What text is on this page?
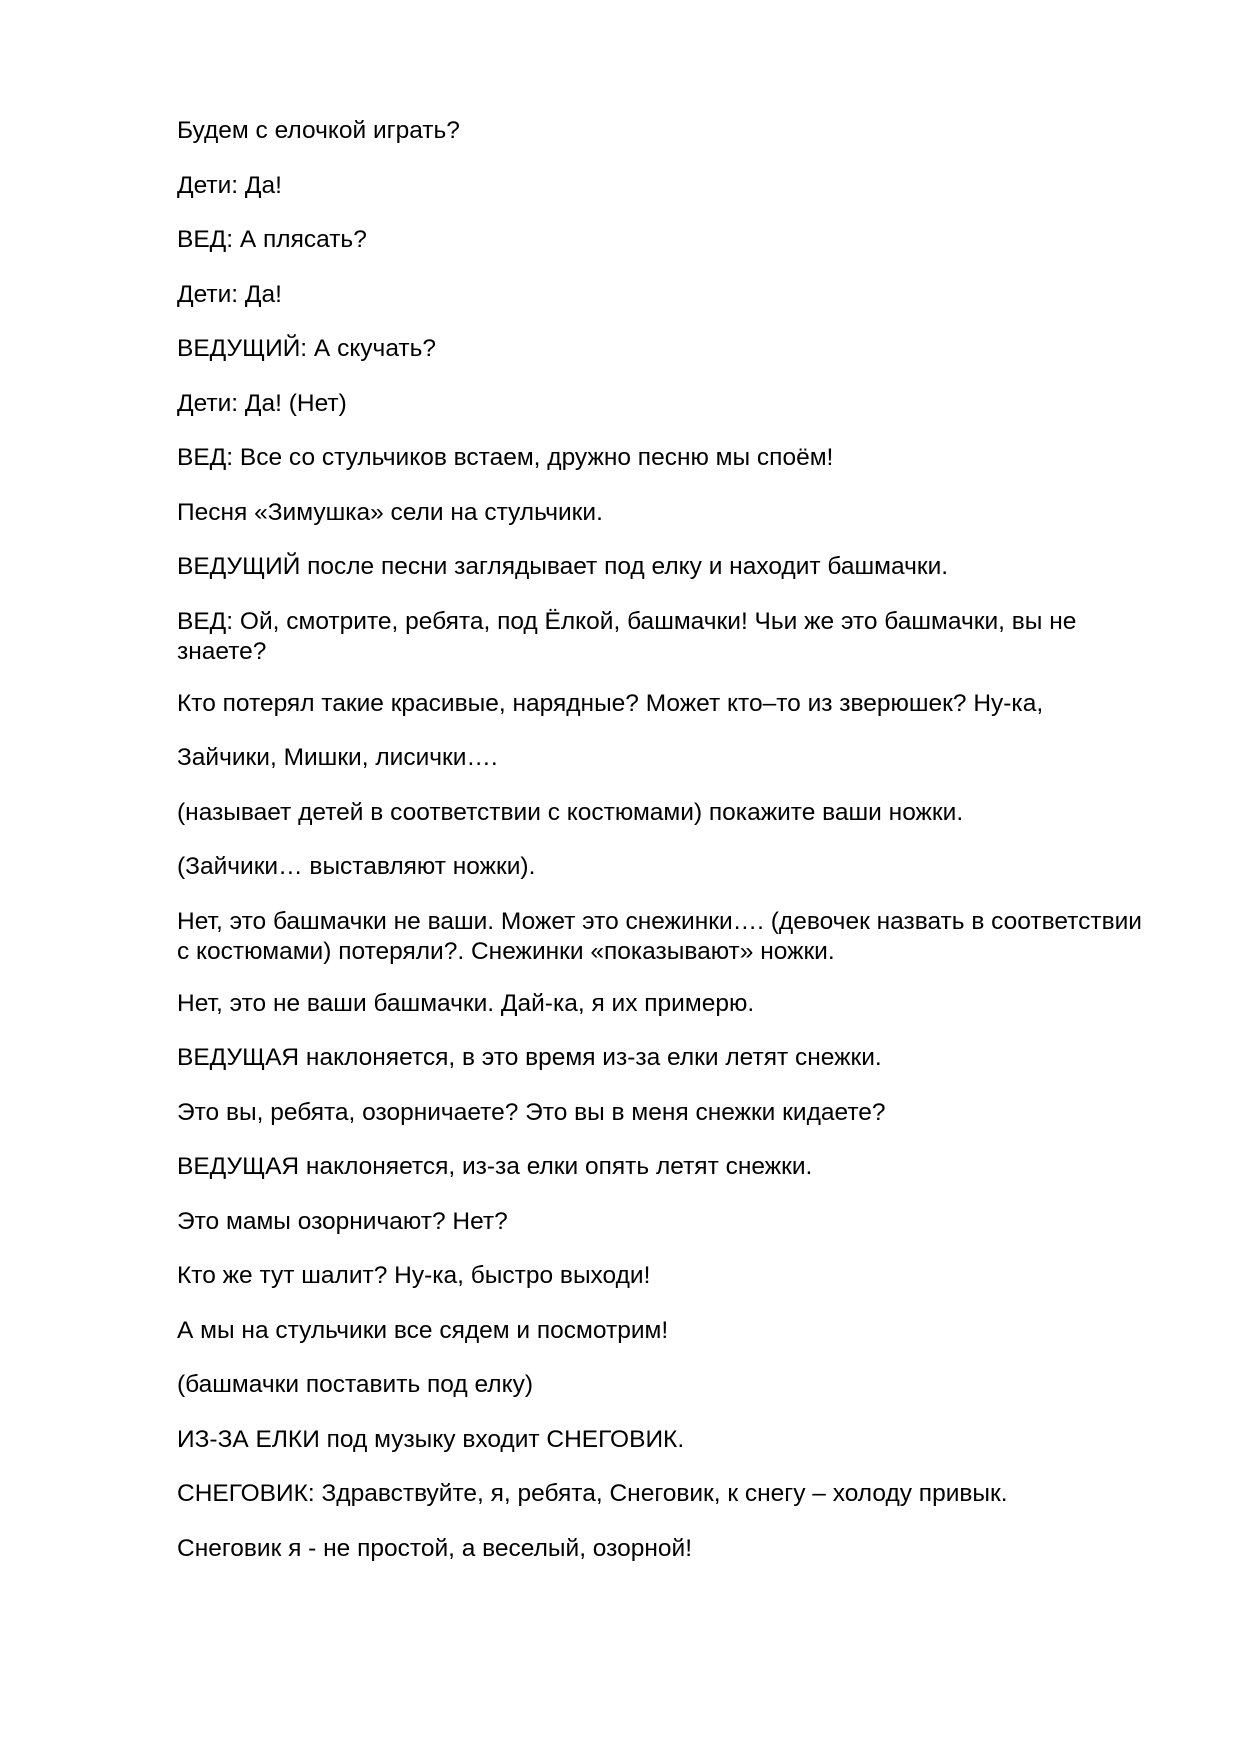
Будем с елочкой играть?

Дети: Да!

ВЕД: А плясать?

Дети: Да!

ВЕДУЩИЙ: А скучать?

Дети: Да! (Нет)

ВЕД: Все со стульчиков встаем, дружно песню мы споём!

Песня «Зимушка» сели на стульчики.

ВЕДУЩИЙ после песни заглядывает под елку и находит башмачки.

ВЕД: Ой, смотрите, ребята, под Ёлкой, башмачки! Чьи же это башмачки, вы не знаете?

Кто потерял такие красивые, нарядные? Может кто–то из зверюшек? Ну-ка,

Зайчики, Мишки, лисички….

(называет детей в соответствии с костюмами) покажите ваши ножки.

(Зайчики… выставляют ножки).

Нет, это башмачки не ваши. Может это снежинки…. (девочек назвать в соответствии с костюмами) потеряли?. Снежинки «показывают» ножки.

Нет, это не ваши башмачки. Дай-ка, я их примерю.

ВЕДУЩАЯ наклоняется, в это время из-за елки летят снежки.

Это вы, ребята, озорничаете? Это вы в меня снежки кидаете?

ВЕДУЩАЯ наклоняется, из-за елки опять летят снежки.

Это мамы озорничают? Нет?

Кто же тут шалит? Ну-ка, быстро выходи!

А мы на стульчики все сядем и посмотрим!

(башмачки поставить под елку)

ИЗ-ЗА ЕЛКИ под музыку входит СНЕГОВИК.

СНЕГОВИК: Здравствуйте, я, ребята, Снеговик, к снегу – холоду привык.

Снеговик я - не простой, а веселый, озорной!
